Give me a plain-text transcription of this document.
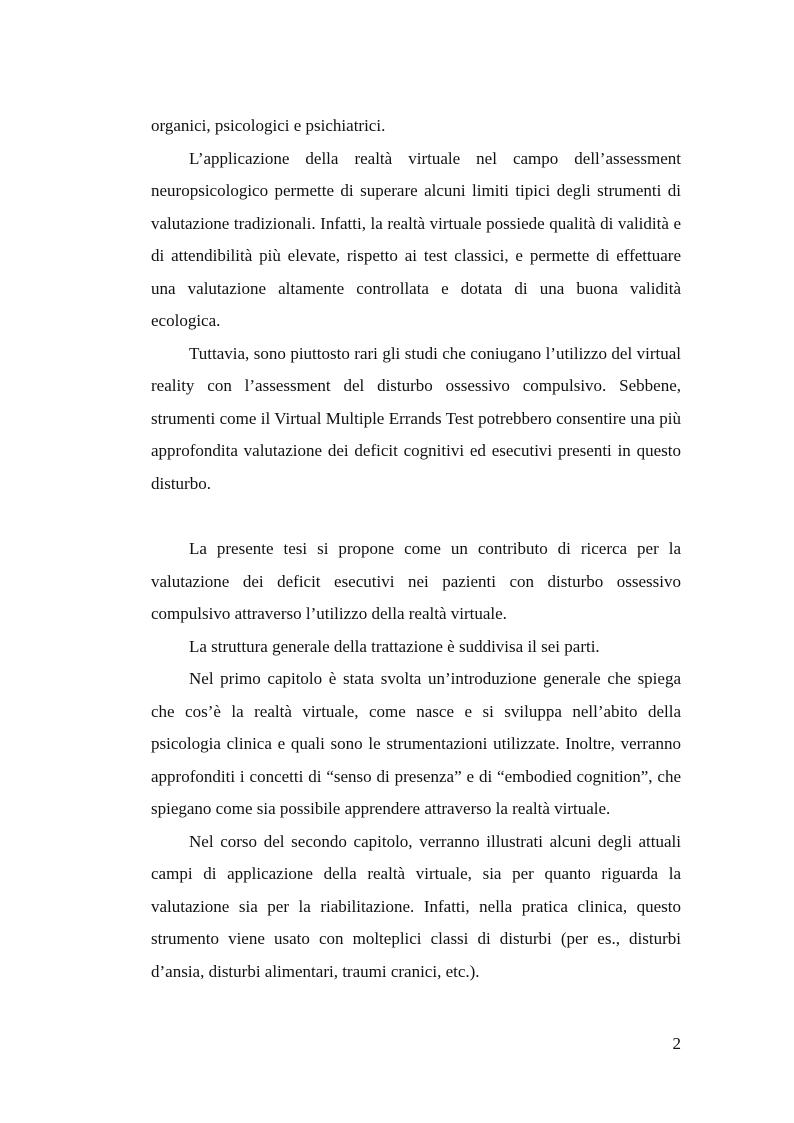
organici, psicologici e psichiatrici.

L’applicazione della realtà virtuale nel campo dell’assessment neuropsicologico permette di superare alcuni limiti tipici degli strumenti di valutazione tradizionali. Infatti, la realtà virtuale possiede qualità di validità e di attendibilità più elevate, rispetto ai test classici, e permette di effettuare una valutazione altamente controllata e dotata di una buona validità ecologica.

Tuttavia, sono piuttosto rari gli studi che coniugano l’utilizzo del virtual reality con l’assessment del disturbo ossessivo compulsivo. Sebbene, strumenti come il Virtual Multiple Errands Test potrebbero consentire una più approfondita valutazione dei deficit cognitivi ed esecutivi presenti in questo disturbo.

La presente tesi si propone come un contributo di ricerca per la valutazione dei deficit esecutivi nei pazienti con disturbo ossessivo compulsivo attraverso l’utilizzo della realtà virtuale.

La struttura generale della trattazione è suddivisa il sei parti.

Nel primo capitolo è stata svolta un’introduzione generale che spiega che cos’è la realtà virtuale, come nasce e si sviluppa nell’abito della psicologia clinica e quali sono le strumentazioni utilizzate. Inoltre, verranno approfonditi i concetti di “senso di presenza” e di “embodied cognition”, che spiegano come sia possibile apprendere attraverso la realtà virtuale.

Nel corso del secondo capitolo, verranno illustrati alcuni degli attuali campi di applicazione della realtà virtuale, sia per quanto riguarda la valutazione sia per la riabilitazione. Infatti, nella pratica clinica, questo strumento viene usato con molteplici classi di disturbi (per es., disturbi d’ansia, disturbi alimentari, traumi cranici, etc.).

2
